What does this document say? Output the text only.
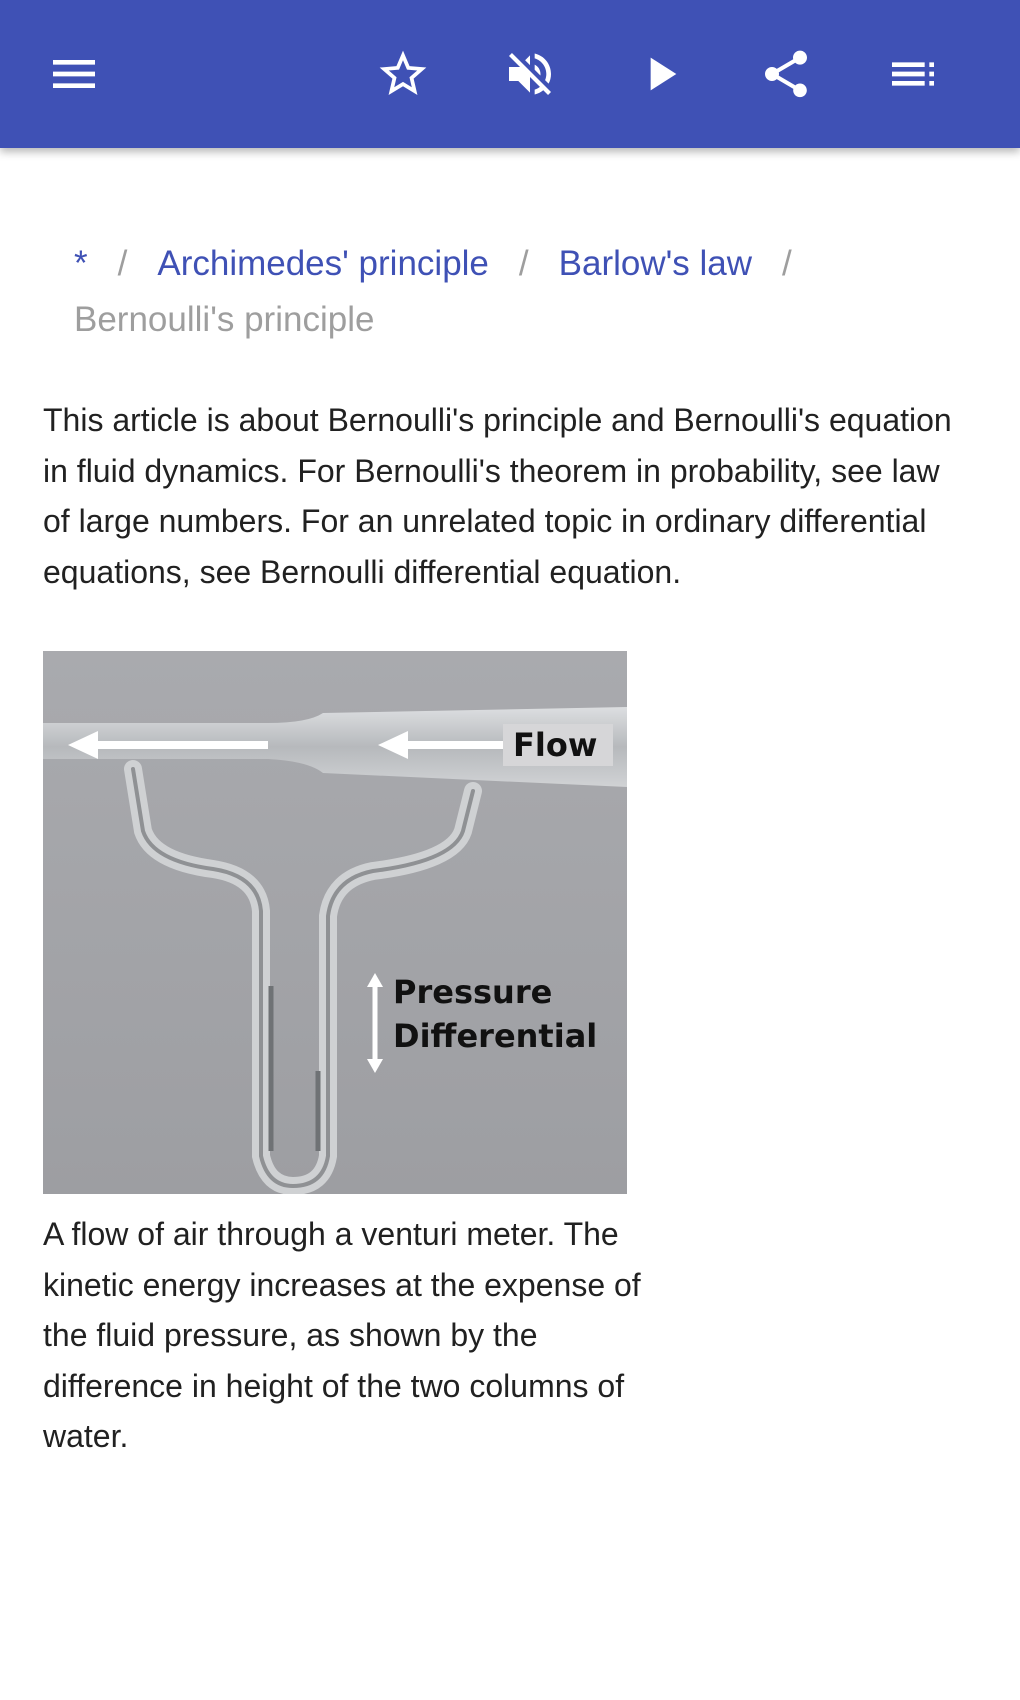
* / Archimedes' principle / Barlow's law /
Bernoulli's principle
This article is about Bernoulli's principle and Bernoulli's equation in fluid dynamics. For Bernoulli's theorem in probability, see law of large numbers. For an unrelated topic in ordinary differential equations, see Bernoulli differential equation.
Flow
Pressure
Differential
A flow of air through a venturi meter. The kinetic energy increases at the expense of the fluid pressure, as shown by the difference in height of the two columns of water.
